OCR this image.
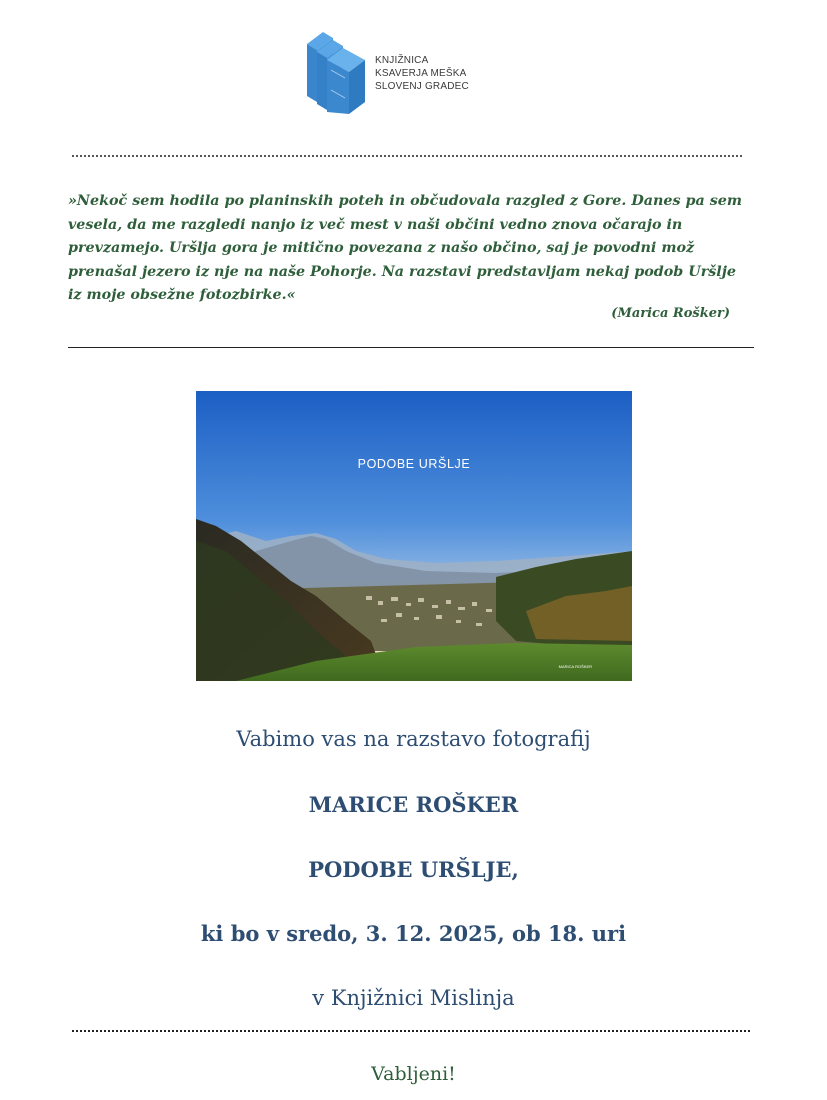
KNJIŽNICA
KSAVERJA MEŠKA
SLOVENJ GRADEC
»Nekoč sem hodila po planinskih poteh in občudovala razgled z Gore. Danes pa sem vesela, da me razgledi nanjo iz več mest v naši občini vedno znova očarajo in prevzamejo. Uršlja gora je mitično povezana z našo občino, saj je povodni mož prenašal jezero iz nje na naše Pohorje. Na razstavi predstavljam nekaj podob Uršlje iz moje obsežne fotozbirke.«
(Marica Rošker)
PODOBE URŠLJE
MARICA ROŠKER
Vabimo vas na razstavo fotografij
MARICE ROŠKER
PODOBE URŠLJE,
ki bo v sredo, 3. 12. 2025, ob 18. uri
v Knjižnici Mislinja
Vabljeni!
